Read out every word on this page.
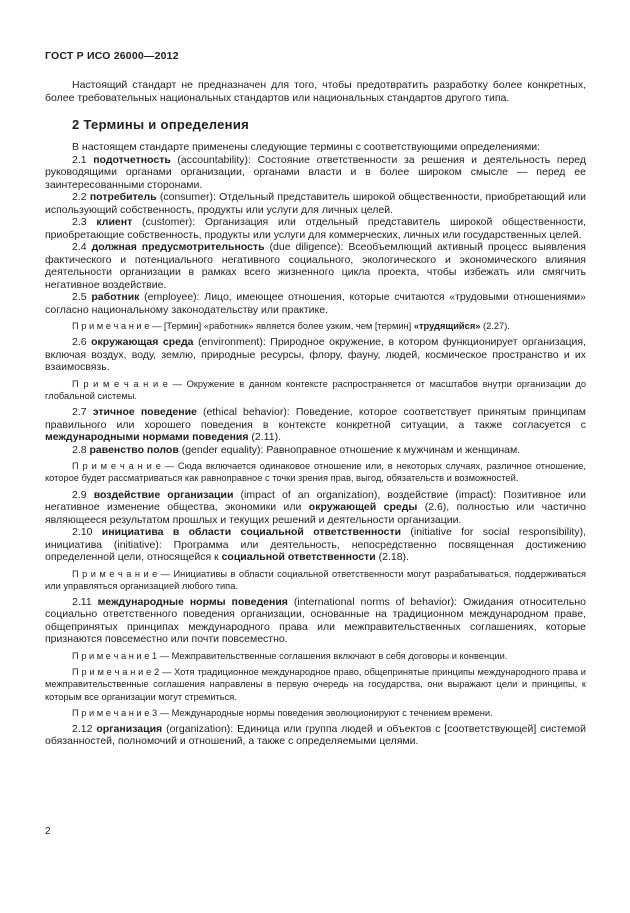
ГОСТ Р ИСО 26000—2012

Настоящий стандарт не предназначен для того, чтобы предотвратить разработку более конкретных, более требовательных национальных стандартов или национальных стандартов другого типа.

2 Термины и определения

В настоящем стандарте применены следующие термины с соответствующими определениями:

2.1 подотчетность (accountability): Состояние ответственности за решения и деятельность перед руководящими органами организации, органами власти и в более широком смысле — перед ее заинтересованными сторонами.

2.2 потребитель (consumer): Отдельный представитель широкой общественности, приобретающий или использующий собственность, продукты или услуги для личных целей.

2.3 клиент (customer): Организация или отдельный представитель широкой общественности, приобретающие собственность, продукты или услуги для коммерческих, личных или государственных целей.

2.4 должная предусмотрительность (due diligence): Всеобъемлющий активный процесс выявления фактического и потенциального негативного социального, экологического и экономического влияния деятельности организации в рамках всего жизненного цикла проекта, чтобы избежать или смягчить негативное воздействие.

2.5 работник (employee): Лицо, имеющее отношения, которые считаются «трудовыми отношениями» согласно национальному законодательству или практике.

П р и м е ч а н и е — [Термин] «работник» является более узким, чем [термин] «трудящийся» (2.27).

2.6 окружающая среда (environment): Природное окружение, в котором функционирует организация, включая воздух, воду, землю, природные ресурсы, флору, фауну, людей, космическое пространство и их взаимосвязь.

П р и м е ч а н и е — Окружение в данном контексте распространяется от масштабов внутри организации до глобальной системы.

2.7 этичное поведение (ethical behavior): Поведение, которое соответствует принятым принципам правильного или хорошего поведения в контексте конкретной ситуации, а также согласуется с международными нормами поведения (2.11).

2.8 равенство полов (gender equality): Равноправное отношение к мужчинам и женщинам.

П р и м е ч а н и е — Сюда включается одинаковое отношение или, в некоторых случаях, различное отношение, которое будет рассматриваться как равноправное с точки зрения прав, выгод, обязательств и возможностей.

2.9 воздействие организации (impact of an organization), воздействие (impact): Позитивное или негативное изменение общества, экономики или окружающей среды (2.6), полностью или частично являющееся результатом прошлых и текущих решений и деятельности организации.

2.10 инициатива в области социальной ответственности (initiative for social responsibility), инициатива (initiative): Программа или деятельность, непосредственно посвященная достижению определенной цели, относящейся к социальной ответственности (2.18).

П р и м е ч а н и е — Инициативы в области социальной ответственности могут разрабатываться, поддерживаться или управляться организацией любого типа.

2.11 международные нормы поведения (international norms of behavior): Ожидания относительно социально ответственного поведения организации, основанные на традиционном международном праве, общепринятых принципах международного права или межправительственных соглашениях, которые признаются повсеместно или почти повсеместно.

П р и м е ч а н и е 1 — Межправительственные соглашения включают в себя договоры и конвенции.

П р и м е ч а н и е 2 — Хотя традиционное международное право, общепринятые принципы международного права и межправительственные соглашения направлены в первую очередь на государства, они выражают цели и принципы, к которым все организации могут стремиться.

П р и м е ч а н и е 3 — Международные нормы поведения эволюционируют с течением времени.

2.12 организация (organization): Единица или группа людей и объектов с [соответствующей] системой обязанностей, полномочий и отношений, а также с определяемыми целями.

2
